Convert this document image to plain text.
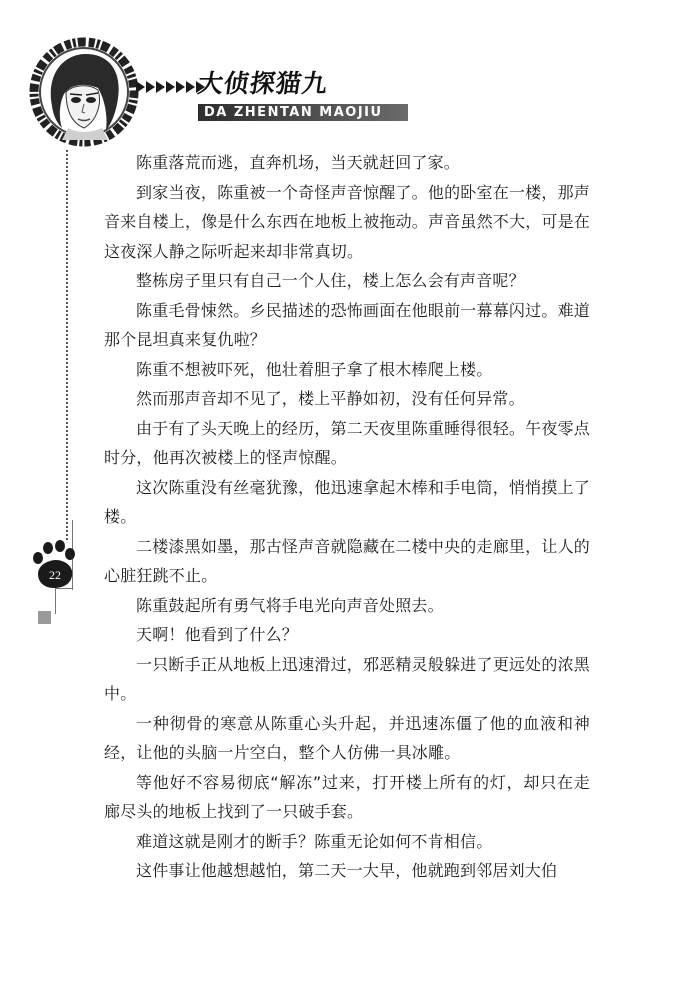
大侦探猫九
DA ZHENTAN MAOJIU
22

陈重落荒而逃，直奔机场，当天就赶回了家。

到家当夜，陈重被一个奇怪声音惊醒了。他的卧室在一楼，那声音来自楼上，像是什么东西在地板上被拖动。声音虽然不大，可是在这夜深人静之际听起来却非常真切。

整栋房子里只有自己一个人住，楼上怎么会有声音呢？

陈重毛骨悚然。乡民描述的恐怖画面在他眼前一幕幕闪过。难道那个昆坦真来复仇啦？

陈重不想被吓死，他壮着胆子拿了根木棒爬上楼。

然而那声音却不见了，楼上平静如初，没有任何异常。

由于有了头天晚上的经历，第二天夜里陈重睡得很轻。午夜零点时分，他再次被楼上的怪声惊醒。

这次陈重没有丝毫犹豫，他迅速拿起木棒和手电筒，悄悄摸上了楼。

二楼漆黑如墨，那古怪声音就隐藏在二楼中央的走廊里，让人的心脏狂跳不止。

陈重鼓起所有勇气将手电光向声音处照去。

天啊！他看到了什么？

一只断手正从地板上迅速滑过，邪恶精灵般躲进了更远处的浓黑中。

一种彻骨的寒意从陈重心头升起，并迅速冻僵了他的血液和神经，让他的头脑一片空白，整个人仿佛一具冰雕。

等他好不容易彻底“解冻”过来，打开楼上所有的灯，却只在走廊尽头的地板上找到了一只破手套。

难道这就是刚才的断手？陈重无论如何不肯相信。

这件事让他越想越怕，第二天一大早，他就跑到邻居刘大伯
